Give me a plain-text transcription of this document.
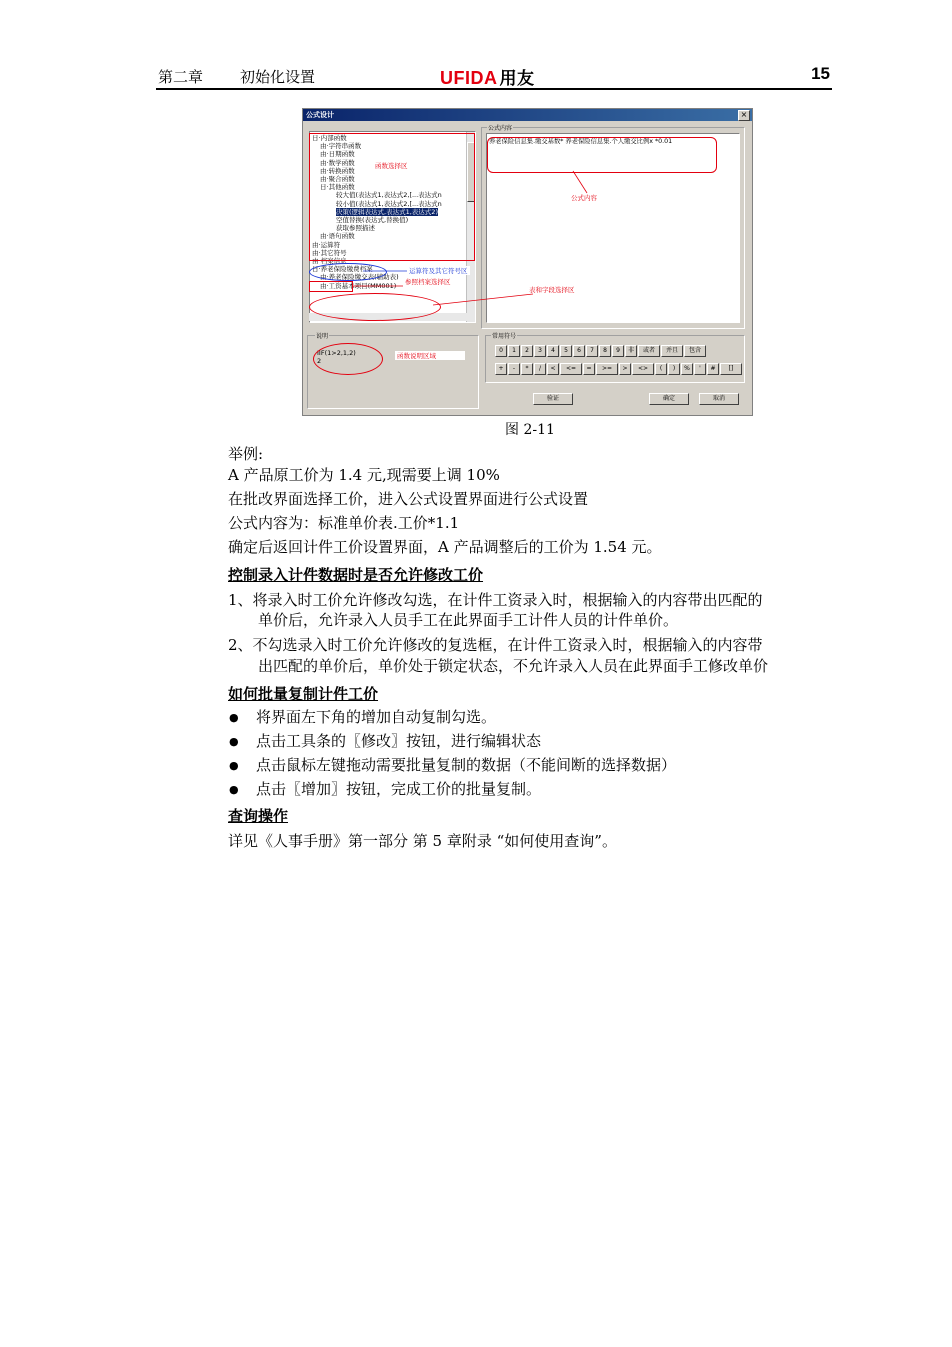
第二章 初始化设置	UFIDA 用友	15
公式设计	×
日·内部函数
由·字符串函数
由·日期函数
由·数学函数
由·转换函数
由·聚合函数
日·其他函数
较大值(表达式1,表达式2,[...表达式n
较小值(表达式1,表达式2,[...表达式n
决策(逻辑表达式,表达式1,表达式2)
空值替换(表达式,替换值)
获取参照描述
由·语句函数
由·运算符
由·其它符号
由·档案信息
日·养老保险缴费档案
由·养老保险缴交表(辅助表)
由·工资基本项目(MM001)
公式内容
养老保险信息集.缴交基数* 养老保险信息集.个人缴交比例x *0.01
说明
IIF(1>2,1,2)
2
常用符号
验证	确定	取消
函数选择区
公式内容
运算符及其它符号区
参照档案选择区
表和字段选择区
函数说明区域
0	1	2	3	4	5	6	7	8	9	非	或者	并且	包含
+	-	*	/	<	<=	=	>=	>	<>	(	)	%	'	#	[]
图 2-11
举例:
A 产品原工价为 1.4 元,现需要上调 10%
在批改界面选择工价，进入公式设置界面进行公式设置
公式内容为：标准单价表.工价*1.1
确定后返回计件工价设置界面，A 产品调整后的工价为 1.54 元。
控制录入计件数据时是否允许修改工价
1、将录入时工价允许修改勾选，在计件工资录入时，根据输入的内容带出匹配的
单价后，允许录入人员手工在此界面手工计件人员的计件单价。
2、不勾选录入时工价允许修改的复选框，在计件工资录入时，根据输入的内容带
出匹配的单价后，单价处于锁定状态，不允许录入人员在此界面手工修改单价
如何批量复制计件工价
● 将界面左下角的增加自动复制勾选。
● 点击工具条的〖修改〗按钮，进行编辑状态
● 点击鼠标左键拖动需要批量复制的数据（不能间断的选择数据）
● 点击〖增加〗按钮，完成工价的批量复制。
查询操作
详见《人事手册》第一部分 第 5 章附录 “如何使用查询”。
